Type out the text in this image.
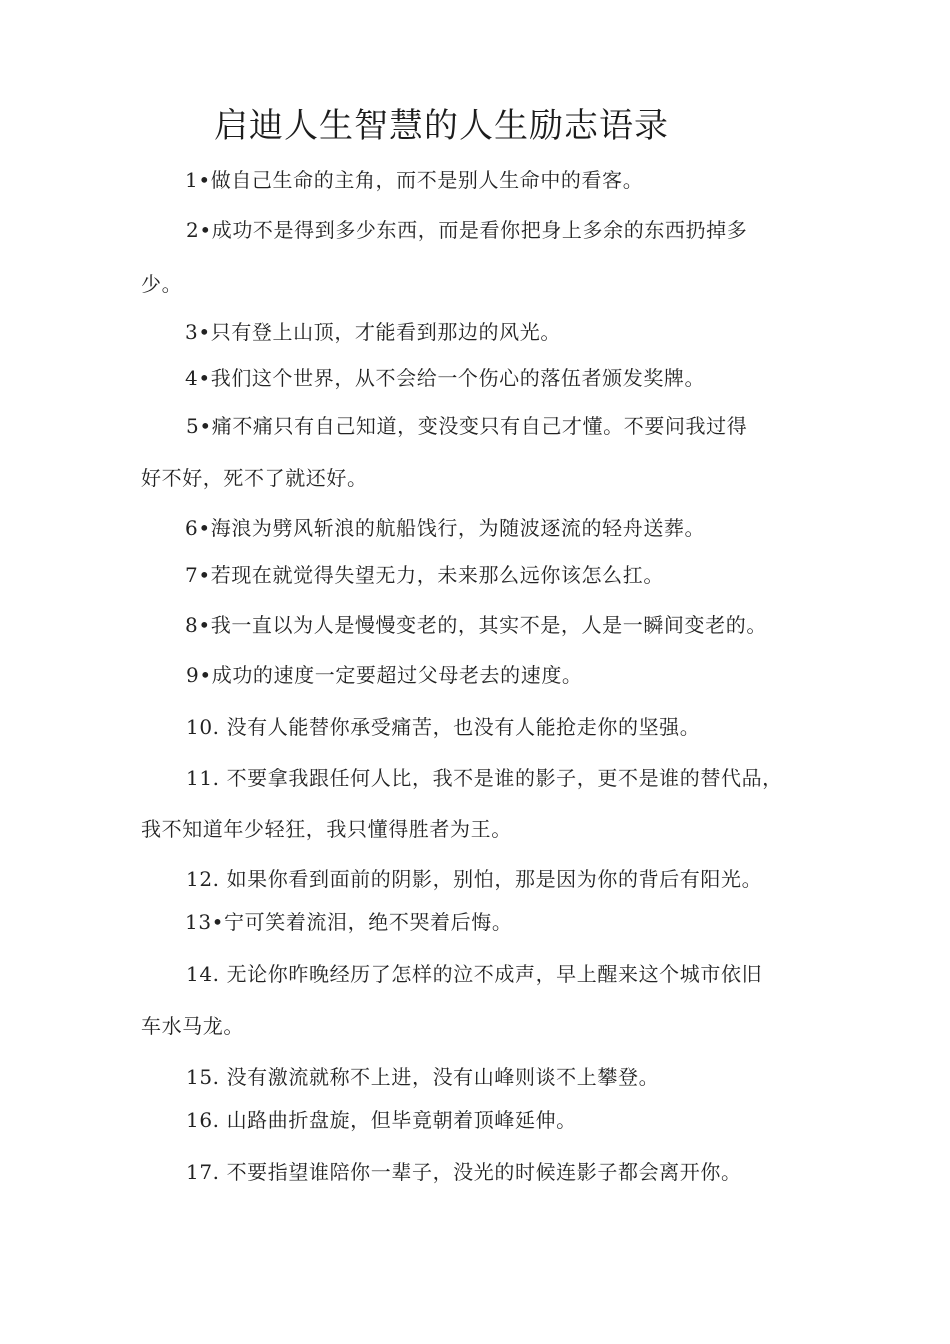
启迪人生智慧的人生励志语录
1•做自己生命的主角，而不是别人生命中的看客。
2•成功不是得到多少东西，而是看你把身上多余的东西扔掉多
少。
3•只有登上山顶，才能看到那边的风光。
4•我们这个世界，从不会给一个伤心的落伍者颁发奖牌。
5•痛不痛只有自己知道，变没变只有自己才懂。不要问我过得
好不好，死不了就还好。
6•海浪为劈风斩浪的航船饯行，为随波逐流的轻舟送葬。
7•若现在就觉得失望无力，未来那么远你该怎么扛。
8•我一直以为人是慢慢变老的，其实不是，人是一瞬间变老的。
9•成功的速度一定要超过父母老去的速度。
10. 没有人能替你承受痛苦，也没有人能抢走你的坚强。
11. 不要拿我跟任何人比，我不是谁的影子，更不是谁的替代品，
我不知道年少轻狂，我只懂得胜者为王。
12. 如果你看到面前的阴影，别怕，那是因为你的背后有阳光。
13•宁可笑着流泪，绝不哭着后悔。
14. 无论你昨晚经历了怎样的泣不成声，早上醒来这个城市依旧
车水马龙。
15. 没有激流就称不上进，没有山峰则谈不上攀登。
16. 山路曲折盘旋，但毕竟朝着顶峰延伸。
17. 不要指望谁陪你一辈子，没光的时候连影子都会离开你。
